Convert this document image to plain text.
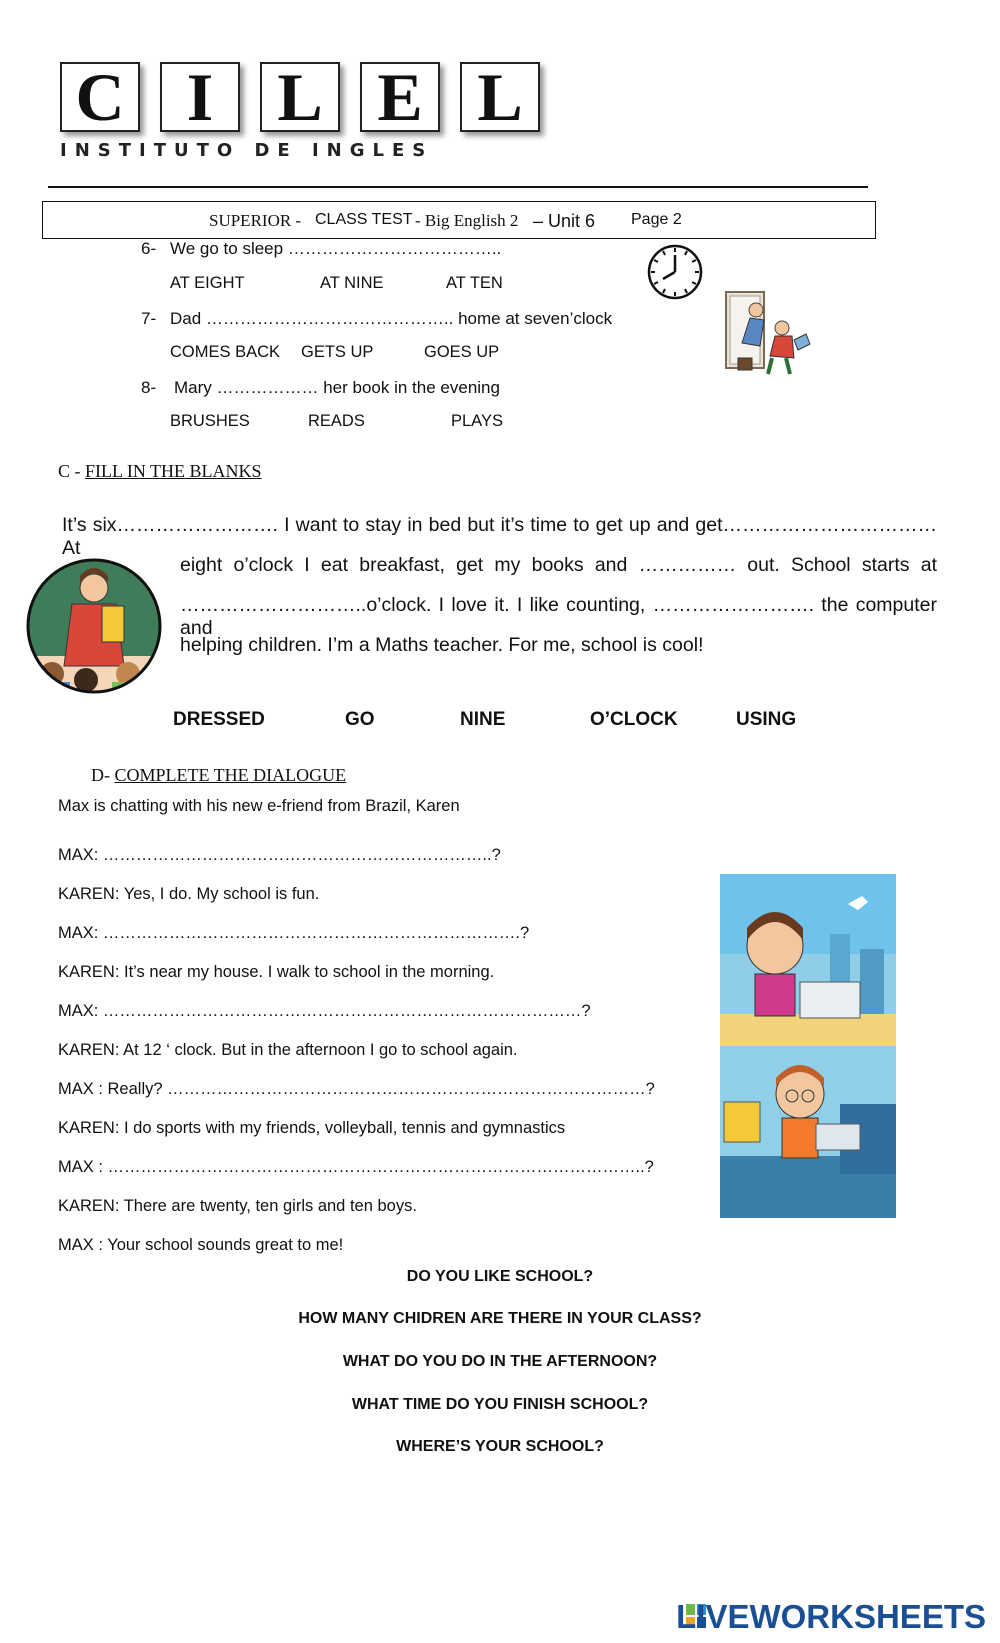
C I L E L
INSTITUTO DE INGLES
SUPERIOR - CLASS TEST - Big English 2 – Unit 6 Page 2
6- We go to sleep ………………………………..
AT EIGHT	AT NINE	AT TEN
7- Dad …………………………………….. home at seven’clock
COMES BACK GETS UP	GOES UP
8- Mary ……………… her book in the evening
BRUSHES	READS	PLAYS
C - FILL IN THE BLANKS
It’s six……………………. I want to stay in bed but it’s time to get up and get…………………………… At
eight o’clock I eat breakfast, get my books and …………… out. School starts at
………………………..o’clock. I love it. I like counting, ……………………. the computer and
helping children. I’m a Maths teacher. For me, school is cool!
DRESSED	GO	NINE	O’CLOCK	USING
D- COMPLETE THE DIALOGUE
Max is chatting with his new e-friend from Brazil, Karen
MAX: ……………………………………………………………..?
KAREN: Yes, I do. My school is fun.
MAX: ………………………………………………………………….?
KAREN: It’s near my house. I walk to school in the morning.
MAX: ……………………………………………………………………………?
KAREN: At 12 ‘ clock. But in the afternoon I go to school again.
MAX : Really? ……………………………………………………………………………?
KAREN: I do sports with my friends, volleyball, tennis and gymnastics
MAX : ……………………………………………………………………………………..?
KAREN: There are twenty, ten girls and ten boys.
MAX : Your school sounds great to me!
DO YOU LIKE SCHOOL?
HOW MANY CHIDREN ARE THERE IN YOUR CLASS?
WHAT DO YOU DO IN THE AFTERNOON?
WHAT TIME DO YOU FINISH SCHOOL?
WHERE’S YOUR SCHOOL?
LIVEWORKSHEETS
